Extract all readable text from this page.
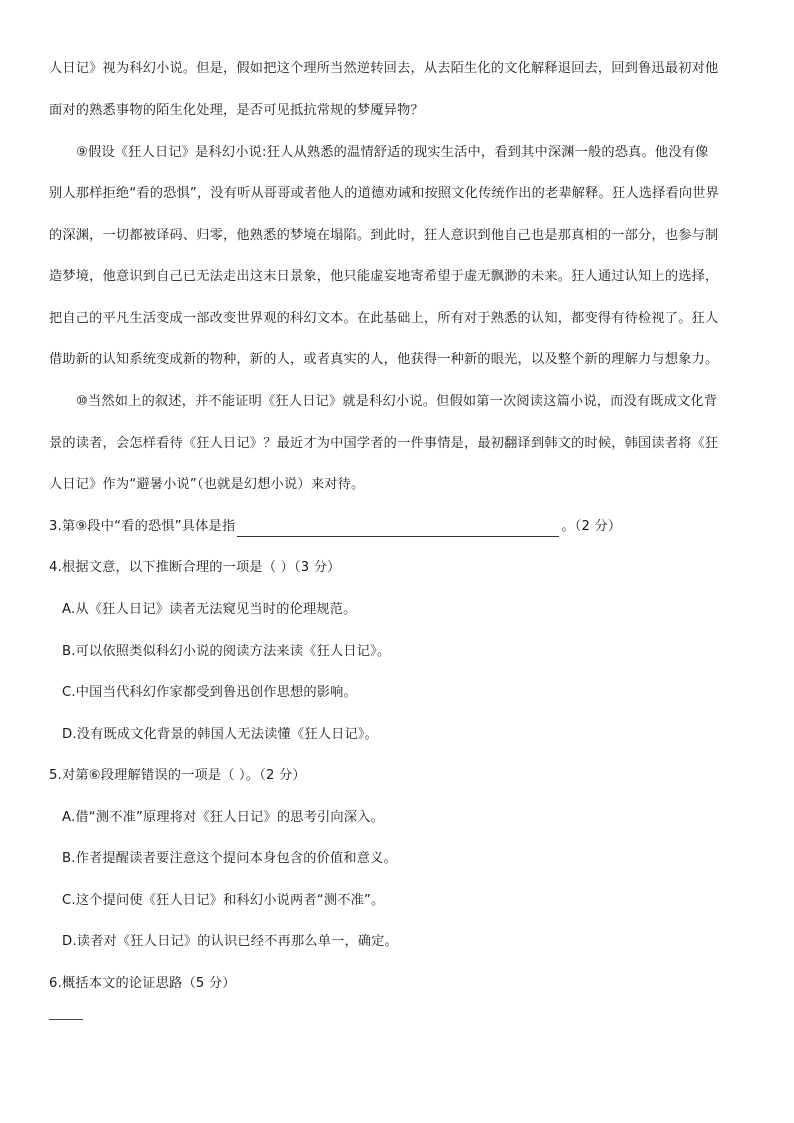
人日记》视为科幻小说。但是，假如把这个理所当然逆转回去，从去陌生化的文化解释退回去，回到鲁迅最初对他
面对的熟悉事物的陌生化处理，是否可见抵抗常规的梦魇异物？
⑨假设《狂人日记》是科幻小说:狂人从熟悉的温情舒适的现实生活中，看到其中深渊一般的恐真。他没有像
别人那样拒绝“看的恐惧”，没有听从哥哥或者他人的道德劝诫和按照文化传统作出的老辈解释。狂人选择看向世界
的深渊，一切都被译码、归零，他熟悉的梦境在塌陷。到此时，狂人意识到他自己也是那真相的一部分，也参与制
造梦境，他意识到自己已无法走出这末日景象，他只能虚妄地寄希望于虚无飘渺的未来。狂人通过认知上的选择，
把自己的平凡生活变成一部改变世界观的科幻文本。在此基础上，所有对于熟悉的认知，都变得有待检视了。狂人
借助新的认知系统变成新的物种，新的人，或者真实的人，他获得一种新的眼光，以及整个新的理解力与想象力。
⑩当然如上的叙述，并不能证明《狂人日记》就是科幻小说。但假如第一次阅读这篇小说，而没有既成文化背
景的读者，会怎样看待《狂人日记》？最近才为中国学者的一件事情是，最初翻译到韩文的时候，韩国读者将《狂
人日记》作为“避暑小说”（也就是幻想小说）来对待。
3.第⑨段中“看的恐惧”具体是指	。（2 分）
4.根据文意，以下推断合理的一项是（ ）（3 分）
A.从《狂人日记》读者无法窥见当时的伦理规范。
B.可以依照类似科幻小说的阅读方法来读《狂人日记》。
C.中国当代科幻作家都受到鲁迅创作思想的影响。
D.没有既成文化背景的韩国人无法读懂《狂人日记》。
5.对第⑥段理解错误的一项是（ ）。（2 分）
A.借“测不准”原理将对《狂人日记》的思考引向深入。
B.作者提醒读者要注意这个提问本身包含的价值和意义。
C.这个提问使《狂人日记》和科幻小说两者“测不准”。
D.读者对《狂人日记》的认识已经不再那么单一，确定。
6.概括本文的论证思路（5 分）
